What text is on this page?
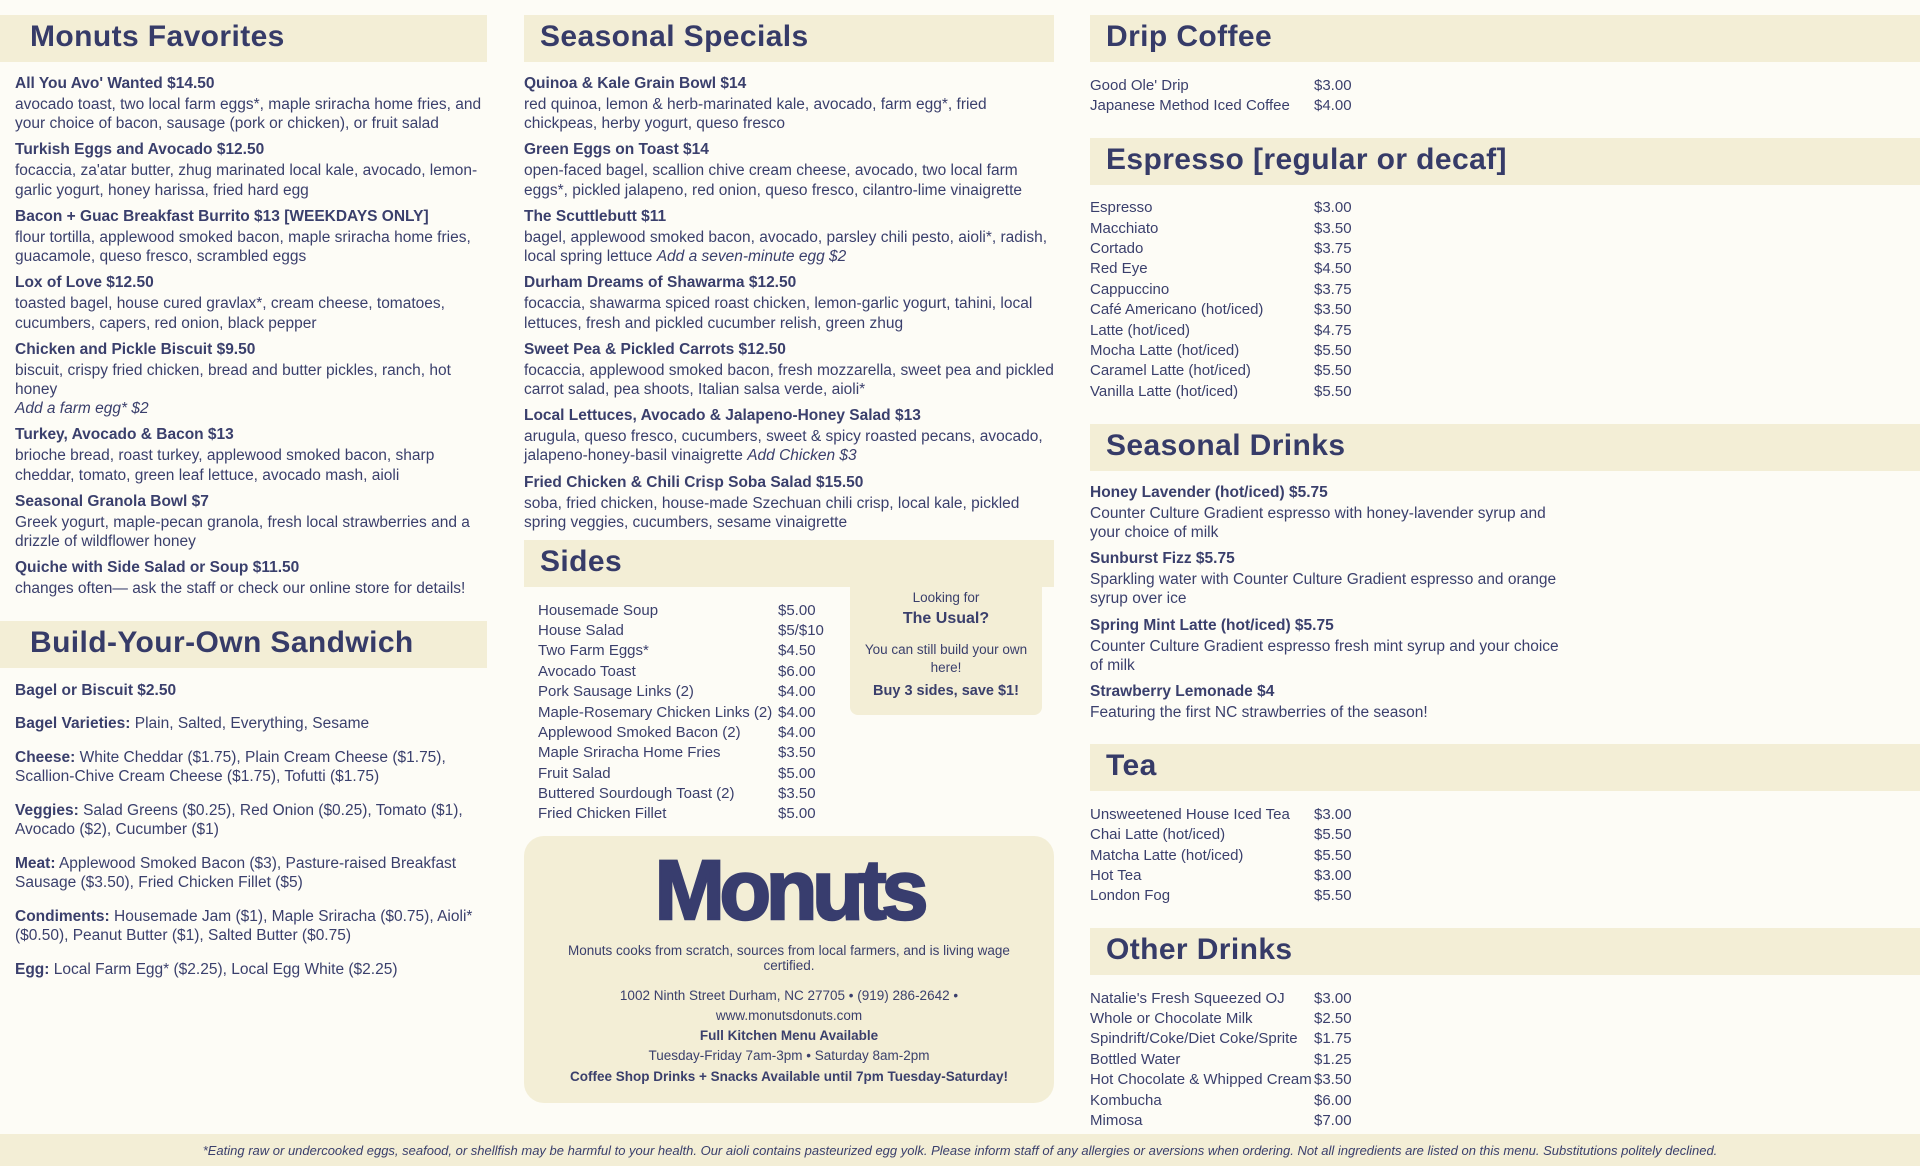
Monuts Favorites
All You Avo' Wanted $14.50
avocado toast, two local farm eggs*, maple sriracha home fries, and your choice of bacon, sausage (pork or chicken), or fruit salad
Turkish Eggs and Avocado $12.50
focaccia, za'atar butter, zhug marinated local kale, avocado, lemon-garlic yogurt, honey harissa, fried hard egg
Bacon + Guac Breakfast Burrito $13 [WEEKDAYS ONLY]
flour tortilla, applewood smoked bacon, maple sriracha home fries, guacamole, queso fresco, scrambled eggs
Lox of Love $12.50
toasted bagel, house cured gravlax*, cream cheese, tomatoes, cucumbers, capers, red onion, black pepper
Chicken and Pickle Biscuit $9.50
biscuit, crispy fried chicken, bread and butter pickles, ranch, hot honey
Add a farm egg* $2
Turkey, Avocado & Bacon $13
brioche bread, roast turkey, applewood smoked bacon, sharp cheddar, tomato, green leaf lettuce, avocado mash, aioli
Seasonal Granola Bowl $7
Greek yogurt, maple-pecan granola, fresh local strawberries and a drizzle of wildflower honey
Quiche with Side Salad or Soup $11.50
changes often— ask the staff or check our online store for details!
Build-Your-Own Sandwich
Bagel or Biscuit $2.50
Bagel Varieties: Plain, Salted, Everything, Sesame
Cheese: White Cheddar ($1.75), Plain Cream Cheese ($1.75), Scallion-Chive Cream Cheese ($1.75), Tofutti ($1.75)
Veggies: Salad Greens ($0.25), Red Onion ($0.25), Tomato ($1), Avocado ($2), Cucumber ($1)
Meat: Applewood Smoked Bacon ($3), Pasture-raised Breakfast Sausage ($3.50), Fried Chicken Fillet ($5)
Condiments: Housemade Jam ($1), Maple Sriracha ($0.75), Aioli* ($0.50), Peanut Butter ($1), Salted Butter ($0.75)
Egg: Local Farm Egg* ($2.25), Local Egg White ($2.25)
Seasonal Specials
Quinoa & Kale Grain Bowl $14
red quinoa, lemon & herb-marinated kale, avocado, farm egg*, fried chickpeas, herby yogurt, queso fresco
Green Eggs on Toast $14
open-faced bagel, scallion chive cream cheese, avocado, two local farm eggs*, pickled jalapeno, red onion, queso fresco, cilantro-lime vinaigrette
The Scuttlebutt $11
bagel, applewood smoked bacon, avocado, parsley chili pesto, aioli*, radish, local spring lettuce Add a seven-minute egg $2
Durham Dreams of Shawarma $12.50
focaccia, shawarma spiced roast chicken, lemon-garlic yogurt, tahini, local lettuces, fresh and pickled cucumber relish, green zhug
Sweet Pea & Pickled Carrots $12.50
focaccia, applewood smoked bacon, fresh mozzarella, sweet pea and pickled carrot salad, pea shoots, Italian salsa verde, aioli*
Local Lettuces, Avocado & Jalapeno-Honey Salad $13
arugula, queso fresco, cucumbers, sweet & spicy roasted pecans, avocado, jalapeno-honey-basil vinaigrette Add Chicken $3
Fried Chicken & Chili Crisp Soba Salad $15.50
soba, fried chicken, house-made Szechuan chili crisp, local kale, pickled spring veggies, cucumbers, sesame vinaigrette
Sides
Housemade Soup	$5.00
House Salad	$5/$10
Two Farm Eggs*	$4.50
Avocado Toast	$6.00
Pork Sausage Links (2)	$4.00
Maple-Rosemary Chicken Links (2) $4.00
Applewood Smoked Bacon (2)	$4.00
Maple Sriracha Home Fries	$3.50
Fruit Salad	$5.00
Buttered Sourdough Toast (2)	$3.50
Fried Chicken Fillet	$5.00
Looking for
The Usual?
You can still build your own here!
Buy 3 sides, save $1!
Monuts
Monuts cooks from scratch, sources from local farmers, and is living wage certified.
1002 Ninth Street Durham, NC 27705 • (919) 286-2642 • www.monutsdonuts.com
Full Kitchen Menu Available
Tuesday-Friday 7am-3pm • Saturday 8am-2pm
Coffee Shop Drinks + Snacks Available until 7pm Tuesday-Saturday!
Drip Coffee
Good Ole' Drip	$3.00
Japanese Method Iced Coffee	$4.00
Espresso [regular or decaf]
Espresso	$3.00
Macchiato	$3.50
Cortado	$3.75
Red Eye	$4.50
Cappuccino	$3.75
Café Americano (hot/iced)	$3.50
Latte (hot/iced)	$4.75
Mocha Latte (hot/iced)	$5.50
Caramel Latte (hot/iced)	$5.50
Vanilla Latte (hot/iced)	$5.50
Seasonal Drinks
Honey Lavender (hot/iced) $5.75
Counter Culture Gradient espresso with honey-lavender syrup and your choice of milk
Sunburst Fizz $5.75
Sparkling water with Counter Culture Gradient espresso and orange syrup over ice
Spring Mint Latte (hot/iced) $5.75
Counter Culture Gradient espresso fresh mint syrup and your choice of milk
Strawberry Lemonade $4
Featuring the first NC strawberries of the season!
Tea
Unsweetened House Iced Tea	$3.00
Chai Latte (hot/iced)	$5.50
Matcha Latte (hot/iced)	$5.50
Hot Tea	$3.00
London Fog	$5.50
Other Drinks
Natalie's Fresh Squeezed OJ	$3.00
Whole or Chocolate Milk	$2.50
Spindrift/Coke/Diet Coke/Sprite	$1.75
Bottled Water	$1.25
Hot Chocolate & Whipped Cream $3.50
Kombucha	$6.00
Mimosa	$7.00
*Eating raw or undercooked eggs, seafood, or shellfish may be harmful to your health. Our aioli contains pasteurized egg yolk. Please inform staff of any allergies or aversions when ordering. Not all ingredients are listed on this menu. Substitutions politely declined.
